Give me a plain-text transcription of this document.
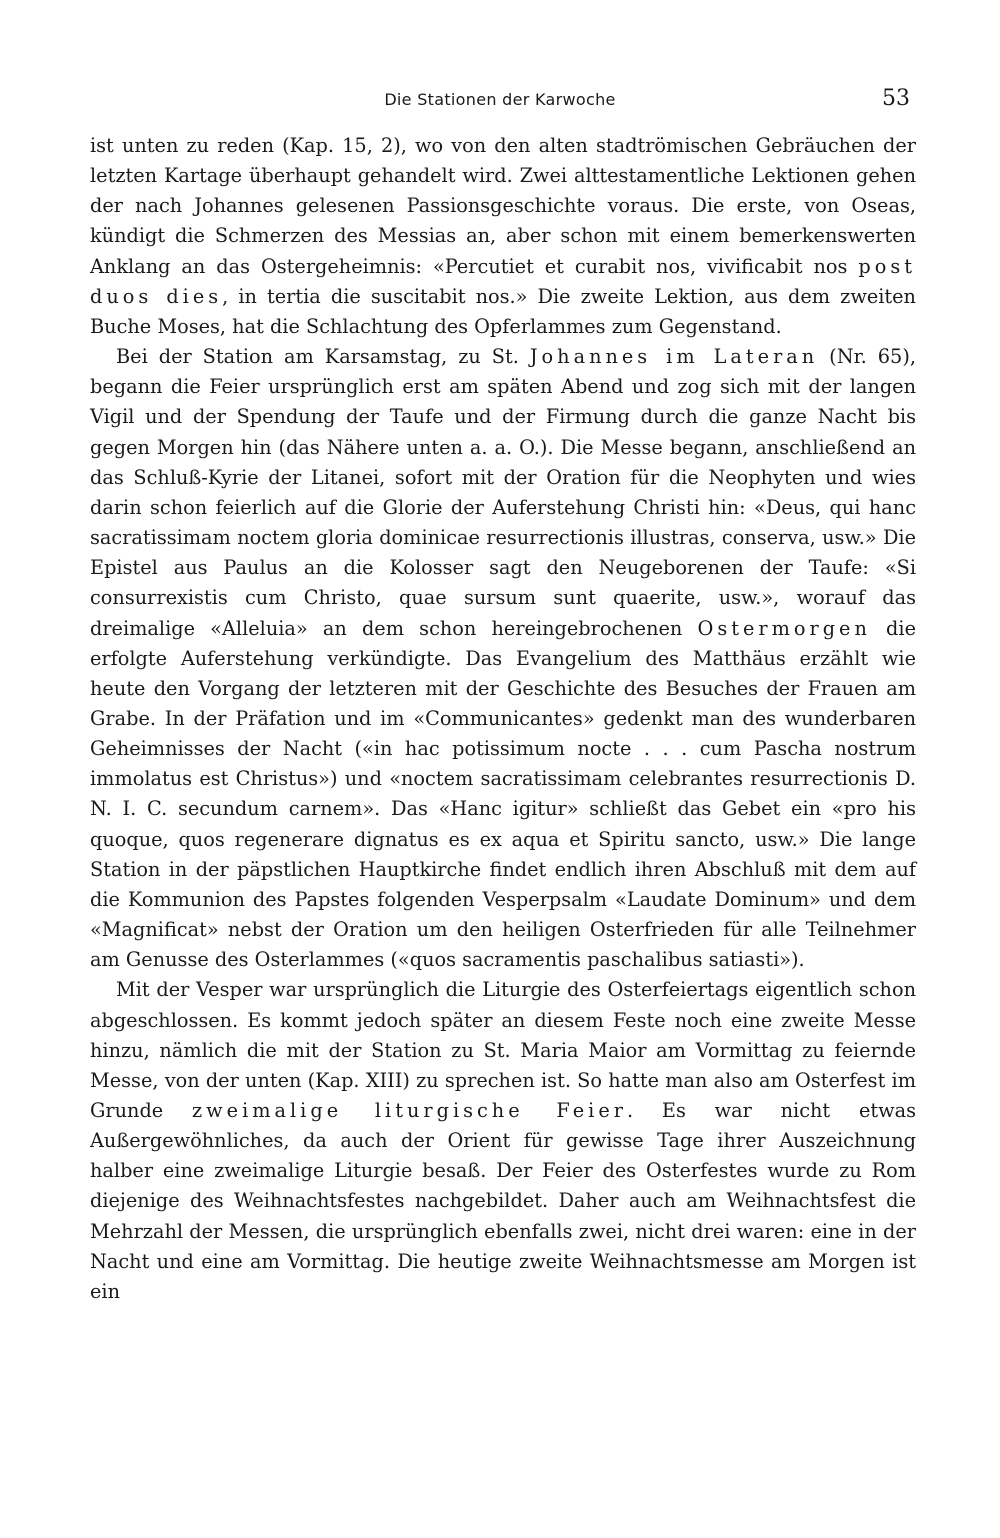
Die Stationen der Karwoche	53

ist unten zu reden (Kap. 15, 2), wo von den alten stadtrömischen Gebräuchen der letzten Kartage überhaupt gehandelt wird. Zwei alttestamentliche Lektionen gehen der nach Johannes gelesenen Passionsgeschichte voraus. Die erste, von Oseas, kündigt die Schmerzen des Messias an, aber schon mit einem bemerkenswerten Anklang an das Ostergeheimnis: «Percutiet et curabit nos, vivificabit nos post duos dies, in tertia die suscitabit nos.» Die zweite Lektion, aus dem zweiten Buche Moses, hat die Schlachtung des Opferlammes zum Gegenstand.

Bei der Station am Karsamstag, zu St. Johannes im Lateran (Nr. 65), begann die Feier ursprünglich erst am späten Abend und zog sich mit der langen Vigil und der Spendung der Taufe und der Firmung durch die ganze Nacht bis gegen Morgen hin (das Nähere unten a. a. O.). Die Messe begann, anschließend an das Schluß-Kyrie der Litanei, sofort mit der Oration für die Neophyten und wies darin schon feierlich auf die Glorie der Auferstehung Christi hin: «Deus, qui hanc sacratissimam noctem gloria dominicae resurrectionis illustras, conserva, usw.» Die Epistel aus Paulus an die Kolosser sagt den Neugeborenen der Taufe: «Si consurrexistis cum Christo, quae sursum sunt quaerite, usw.», worauf das dreimalige «Alleluia» an dem schon hereingebrochenen Ostermorgen die erfolgte Auferstehung verkündigte. Das Evangelium des Matthäus erzählt wie heute den Vorgang der letzteren mit der Geschichte des Besuches der Frauen am Grabe. In der Präfation und im «Communicantes» gedenkt man des wunderbaren Geheimnisses der Nacht («in hac potissimum nocte . . . cum Pascha nostrum immolatus est Christus») und «noctem sacratissimam celebrantes resurrectionis D. N. I. C. secundum carnem». Das «Hanc igitur» schließt das Gebet ein «pro his quoque, quos regenerare dignatus es ex aqua et Spiritu sancto, usw.» Die lange Station in der päpstlichen Hauptkirche findet endlich ihren Abschluß mit dem auf die Kommunion des Papstes folgenden Vesperpsalm «Laudate Dominum» und dem «Magnificat» nebst der Oration um den heiligen Osterfrieden für alle Teilnehmer am Genusse des Osterlammes («quos sacramentis paschalibus satiasti»).

Mit der Vesper war ursprünglich die Liturgie des Osterfeiertags eigentlich schon abgeschlossen. Es kommt jedoch später an diesem Feste noch eine zweite Messe hinzu, nämlich die mit der Station zu St. Maria Maior am Vormittag zu feiernde Messe, von der unten (Kap. XIII) zu sprechen ist. So hatte man also am Osterfest im Grunde zweimalige liturgische Feier. Es war nicht etwas Außergewöhnliches, da auch der Orient für gewisse Tage ihrer Auszeichnung halber eine zweimalige Liturgie besaß. Der Feier des Osterfestes wurde zu Rom diejenige des Weihnachtsfestes nachgebildet. Daher auch am Weihnachtsfest die Mehrzahl der Messen, die ursprünglich ebenfalls zwei, nicht drei waren: eine in der Nacht und eine am Vormittag. Die heutige zweite Weihnachtsmesse am Morgen ist ein
